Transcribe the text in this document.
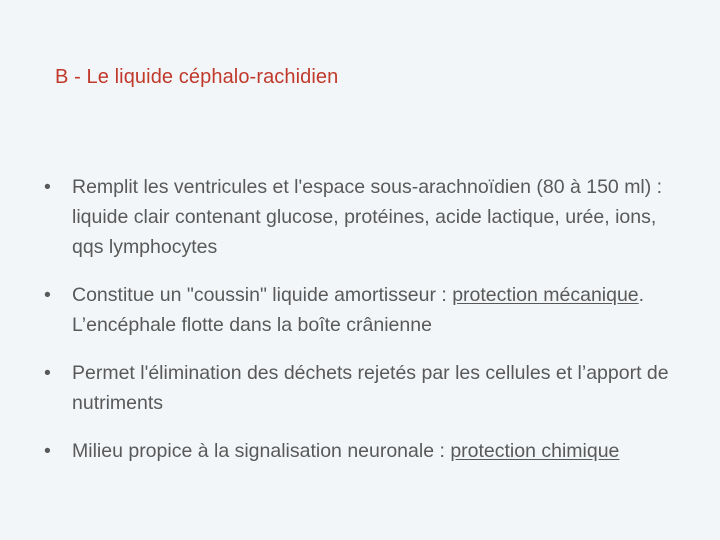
B - Le liquide céphalo-rachidien
•	Remplit les ventricules et l'espace sous-arachnoïdien (80 à 150 ml) : liquide clair contenant glucose, protéines, acide lactique, urée, ions, qqs lymphocytes
•	Constitue un "coussin" liquide amortisseur : protection mécanique. L’encéphale flotte dans la boîte crânienne
•	Permet l'élimination des déchets rejetés par les cellules et l’apport de nutriments
•	Milieu propice à la signalisation neuronale : protection chimique
